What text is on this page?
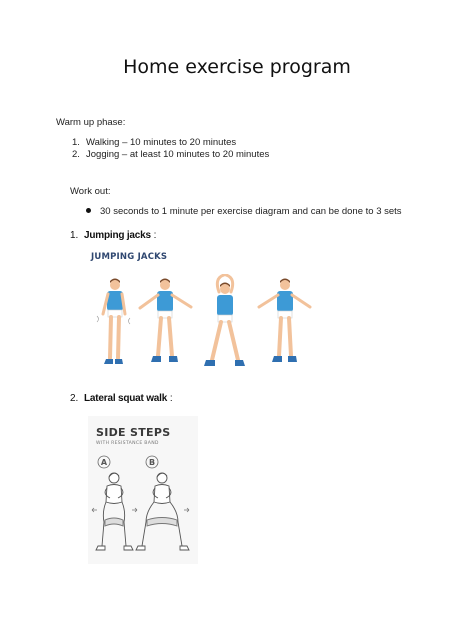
Home exercise program
Warm up phase:
1. Walking – 10 minutes to 20 minutes
2. Jogging – at least 10 minutes to 20 minutes
Work out:
30 seconds to 1 minute per exercise diagram and can be done to 3 sets
1. Jumping jacks :
JUMPING JACKS
2. Lateral squat walk :
SIDE STEPS
WITH RESISTANCE BAND
A	B
